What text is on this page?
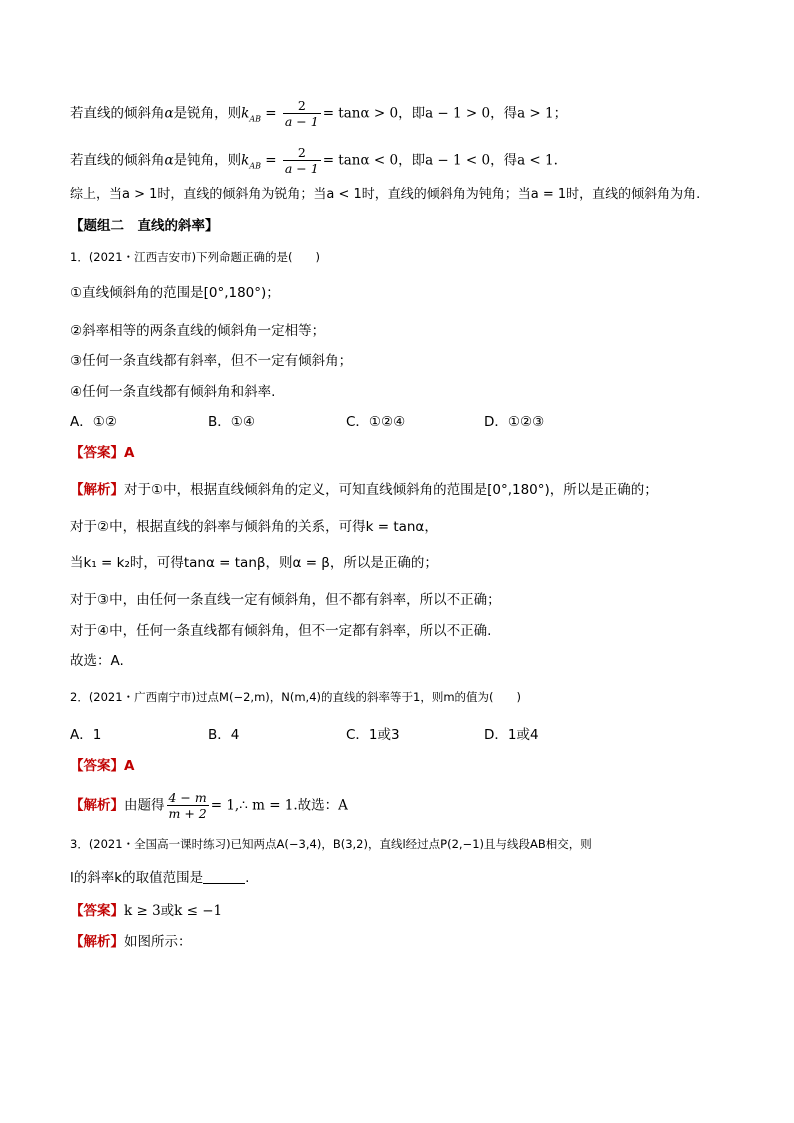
若直线的倾斜角α是锐角，则$k_{AB} = \frac{2}{a - 1} = \tan\alpha > 0$，即a − 1 > 0，得a > 1；
若直线的倾斜角α是钝角，则$k_{AB} = \frac{2}{a - 1} = \tan\alpha < 0$，即a − 1 < 0，得a < 1.
综上，当a > 1时，直线的倾斜角为锐角；当a < 1时，直线的倾斜角为钝角；当a = 1时，直线的倾斜角为角.
【题组二　直线的斜率】
1．(2021・江西吉安市)下列命题正确的是(　　)
①直线倾斜角的范围是[0°,180°)；
②斜率相等的两条直线的倾斜角一定相等；
③任何一条直线都有斜率，但不一定有倾斜角；
④任何一条直线都有倾斜角和斜率.
A．①②	B．①④	C．①②④	D．①②③
【答案】A
【解析】对于①中，根据直线倾斜角的定义，可知直线倾斜角的范围是[0°,180°)，所以是正确的；
对于②中，根据直线的斜率与倾斜角的关系，可得k = tanα，
当k₁ = k₂时，可得tanα = tanβ，则α = β，所以是正确的；
对于③中，由任何一条直线一定有倾斜角，但不都有斜率，所以不正确；
对于④中，任何一条直线都有倾斜角，但不一定都有斜率，所以不正确.
故选：A.
2．(2021・广西南宁市)过点M(−2,m)，N(m,4)的直线的斜率等于1，则m的值为(　　)
A．1	B．4	C．1或3	D．1或4
【答案】A
【解析】由题得 $\frac{4 - m}{m + 2}$ = 1,∴ m = 1.故选：A
3．(2021・全国高一课时练习)已知两点A(−3,4)，B(3,2)，直线l经过点P(2,−1)且与线段AB相交，则
l的斜率k的取值范围是	.
【答案】k ≥ 3或k ≤ −1
【解析】如图所示：
